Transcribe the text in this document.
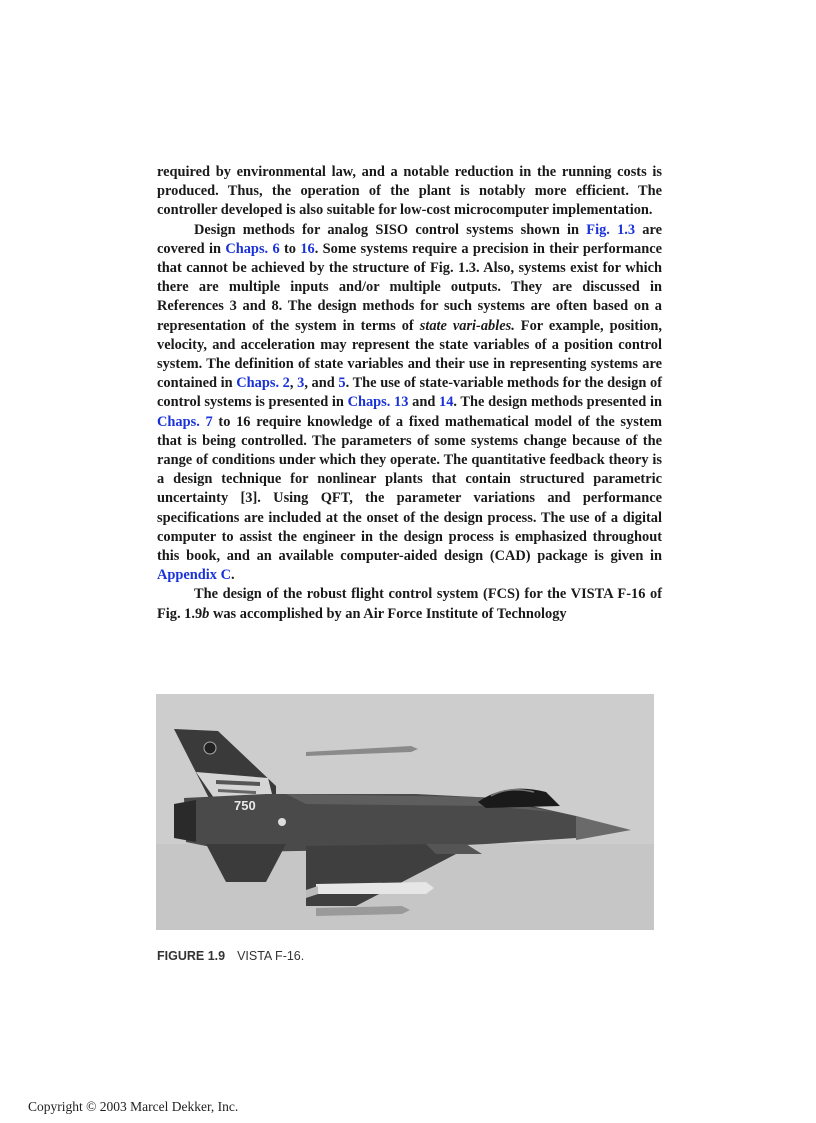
required by environmental law, and a notable reduction in the running costs is produced. Thus, the operation of the plant is notably more efficient. The controller developed is also suitable for low-cost microcomputer implementation.

Design methods for analog SISO control systems shown in Fig. 1.3 are covered in Chaps. 6 to 16. Some systems require a precision in their performance that cannot be achieved by the structure of Fig. 1.3. Also, systems exist for which there are multiple inputs and/or multiple outputs. They are discussed in References 3 and 8. The design methods for such systems are often based on a representation of the system in terms of state vari-ables. For example, position, velocity, and acceleration may represent the state variables of a position control system. The definition of state variables and their use in representing systems are contained in Chaps. 2, 3, and 5. The use of state-variable methods for the design of control systems is presented in Chaps. 13 and 14. The design methods presented in Chaps. 7 to 16 require knowledge of a fixed mathematical model of the system that is being controlled. The parameters of some systems change because of the range of conditions under which they operate. The quantitative feedback theory is a design technique for nonlinear plants that contain structured parametric uncertainty [3]. Using QFT, the parameter variations and performance specifications are included at the onset of the design process. The use of a digital computer to assist the engineer in the design process is emphasized throughout this book, and an available computer-aided design (CAD) package is given in Appendix C.

The design of the robust flight control system (FCS) for the VISTA F-16 of Fig. 1.9b was accomplished by an Air Force Institute of Technology

750
FIGURE 1.9 VISTA F-16.
Copyright © 2003 Marcel Dekker, Inc.
